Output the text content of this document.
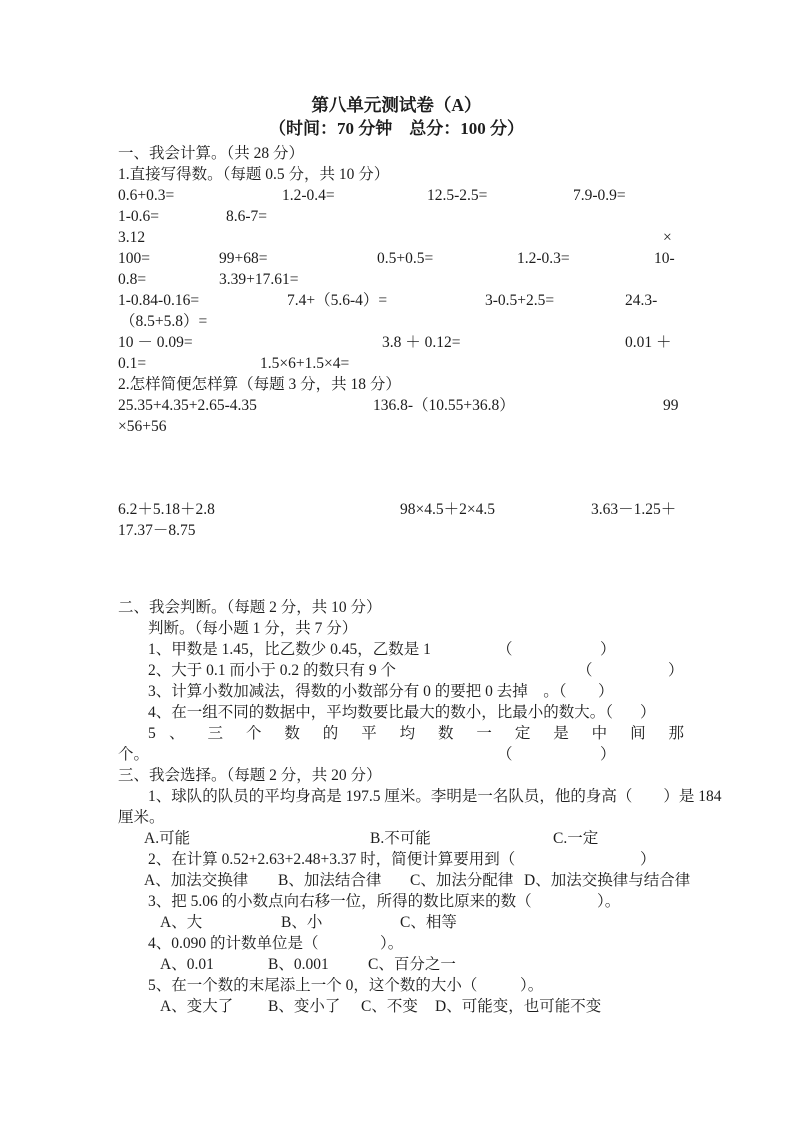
第八单元测试卷（A）
（时间：70 分钟　总分：100 分）
一、我会计算。（共 28 分）
1.直接写得数。（每题 0.5 分，共 10 分）
0.6+0.3=	1.2-0.4=	12.5-2.5=	7.9-0.9=
1-0.6=	8.6-7=
3.12	×
100=	99+68=	0.5+0.5=	1.2-0.3=	10-
0.8=	3.39+17.61=
1-0.84-0.16=	7.4+（5.6-4）=	3-0.5+2.5=	24.3-
（8.5+5.8）=
10 － 0.09=	3.8 ＋ 0.12=	0.01 ＋
0.1=	1.5×6+1.5×4=
2.怎样简便怎样算（每题 3 分，共 18 分）
25.35+4.35+2.65-4.35	136.8-（10.55+36.8）	99
×56+56
6.2＋5.18＋2.8	98×4.5＋2×4.5	3.63－1.25＋
17.37－8.75
二、我会判断。（每题 2 分，共 10 分）
判断。（每小题 1 分，共 7 分）
1、甲数是 1.45，比乙数少 0.45，乙数是 1	（	）
2、大于 0.1 而小于 0.2 的数只有 9 个	（	）
3、计算小数加减法，得数的小数部分有 0 的要把 0 去掉　。（ ）
4、在一组不同的数据中，平均数要比最大的数小，比最小的数大。（ ）
5 、 三 个 数 的 平 均 数 一 定 是 中 间 那
个。	（	）
三、我会选择。（每题 2 分，共 20 分）
1、球队的队员的平均身高是 197.5 厘米。李明是一名队员，他的身高（　　）是 184
厘米。
A.可能	B.不可能	C.一定
2、在计算 0.52+2.63+2.48+3.37 时，简便计算要用到（	）
A、加法交换律 B、加法结合律 C、加法分配律 D、加法交换律与结合律
3、把 5.06 的小数点向右移一位，所得的数比原来的数（	）。
A、大	B、小	C、相等
4、0.090 的计数单位是（	）。
A、0.01	B、0.001	C、百分之一
5、在一个数的末尾添上一个 0，这个数的大小（	）。
A、变大了 B、变小了 C、不变 D、可能变，也可能不变
